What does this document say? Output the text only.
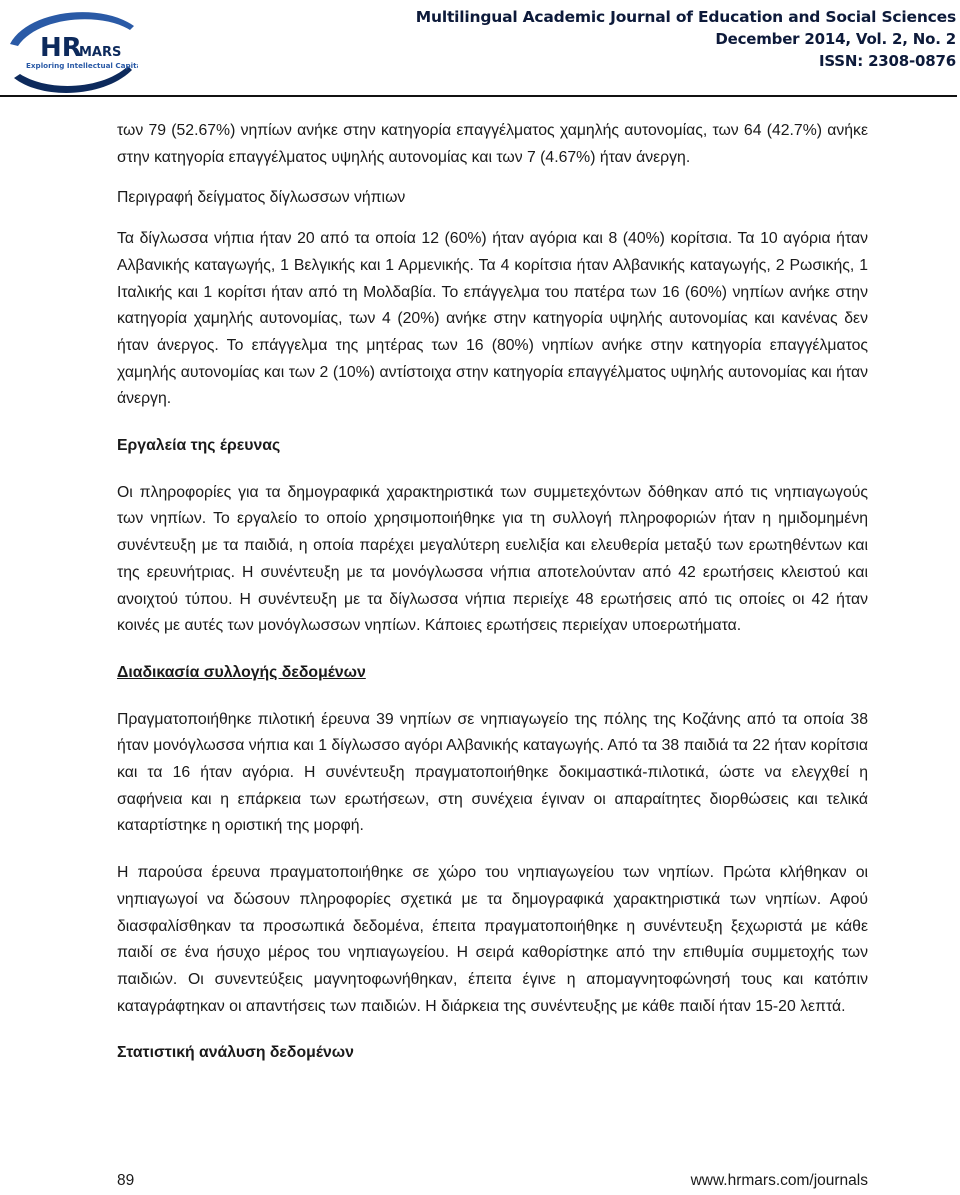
HR
MARS
Exploring Intellectual Capital
Multilingual Academic Journal of Education and Social Sciences
December 2014, Vol. 2, No. 2
ISSN: 2308-0876

των 79 (52.67%) νηπίων ανήκε στην κατηγορία επαγγέλματος χαμηλής αυτονομίας, των 64 (42.7%) ανήκε στην κατηγορία επαγγέλματος υψηλής αυτονομίας και των 7 (4.67%) ήταν άνεργη.

Περιγραφή δείγματος δίγλωσσων νήπιων

Τα δίγλωσσα νήπια ήταν 20 από τα οποία 12 (60%) ήταν αγόρια και 8 (40%) κορίτσια. Τα 10 αγόρια ήταν Αλβανικής καταγωγής, 1 Βελγικής και 1 Αρμενικής. Τα 4 κορίτσια ήταν Αλβανικής καταγωγής, 2 Ρωσικής, 1 Ιταλικής και 1 κορίτσι ήταν από τη Μολδαβία. Το επάγγελμα του πατέρα των 16 (60%) νηπίων ανήκε στην κατηγορία χαμηλής αυτονομίας, των 4 (20%) ανήκε στην κατηγορία υψηλής αυτονομίας και κανένας δεν ήταν άνεργος. Το επάγγελμα της μητέρας των 16 (80%) νηπίων ανήκε στην κατηγορία επαγγέλματος χαμηλής αυτονομίας και των 2 (10%) αντίστοιχα στην κατηγορία επαγγέλματος υψηλής αυτονομίας και ήταν άνεργη.

Εργαλεία της έρευνας

Οι πληροφορίες για τα δημογραφικά χαρακτηριστικά των συμμετεχόντων δόθηκαν από τις νηπιαγωγούς των νηπίων. Το εργαλείο το οποίο χρησιμοποιήθηκε για τη συλλογή πληροφοριών ήταν η ημιδομημένη συνέντευξη με τα παιδιά, η οποία παρέχει μεγαλύτερη ευελιξία και ελευθερία μεταξύ των ερωτηθέντων και της ερευνήτριας. Η συνέντευξη με τα μονόγλωσσα νήπια αποτελούνταν από 42 ερωτήσεις κλειστού και ανοιχτού τύπου. Η συνέντευξη με τα δίγλωσσα νήπια περιείχε 48 ερωτήσεις από τις οποίες οι 42 ήταν κοινές με αυτές των μονόγλωσσων νηπίων. Κάποιες ερωτήσεις περιείχαν υποερωτήματα.

Διαδικασία συλλογής δεδομένων

Πραγματοποιήθηκε πιλοτική έρευνα 39 νηπίων σε νηπιαγωγείο της πόλης της Κοζάνης από τα οποία 38 ήταν μονόγλωσσα νήπια και 1 δίγλωσσο αγόρι Αλβανικής καταγωγής. Από τα 38 παιδιά τα 22 ήταν κορίτσια και τα 16 ήταν αγόρια. Η συνέντευξη πραγματοποιήθηκε δοκιμαστικά-πιλοτικά, ώστε να ελεγχθεί η σαφήνεια και η επάρκεια των ερωτήσεων, στη συνέχεια έγιναν οι απαραίτητες διορθώσεις και τελικά καταρτίστηκε η οριστική της μορφή.

Η παρούσα έρευνα πραγματοποιήθηκε σε χώρο του νηπιαγωγείου των νηπίων. Πρώτα κλήθηκαν οι νηπιαγωγοί να δώσουν πληροφορίες σχετικά με τα δημογραφικά χαρακτηριστικά των νηπίων. Αφού διασφαλίσθηκαν τα προσωπικά δεδομένα, έπειτα πραγματοποιήθηκε η συνέντευξη ξεχωριστά με κάθε παιδί σε ένα ήσυχο μέρος του νηπιαγωγείου. Η σειρά καθορίστηκε από την επιθυμία συμμετοχής των παιδιών. Οι συνεντεύξεις μαγνητοφωνήθηκαν, έπειτα έγινε η απομαγνητοφώνησή τους και κατόπιν καταγράφτηκαν οι απαντήσεις των παιδιών. Η διάρκεια της συνέντευξης με κάθε παιδί ήταν 15-20 λεπτά.

Στατιστική ανάλυση δεδομένων

89	www.hrmars.com/journals
